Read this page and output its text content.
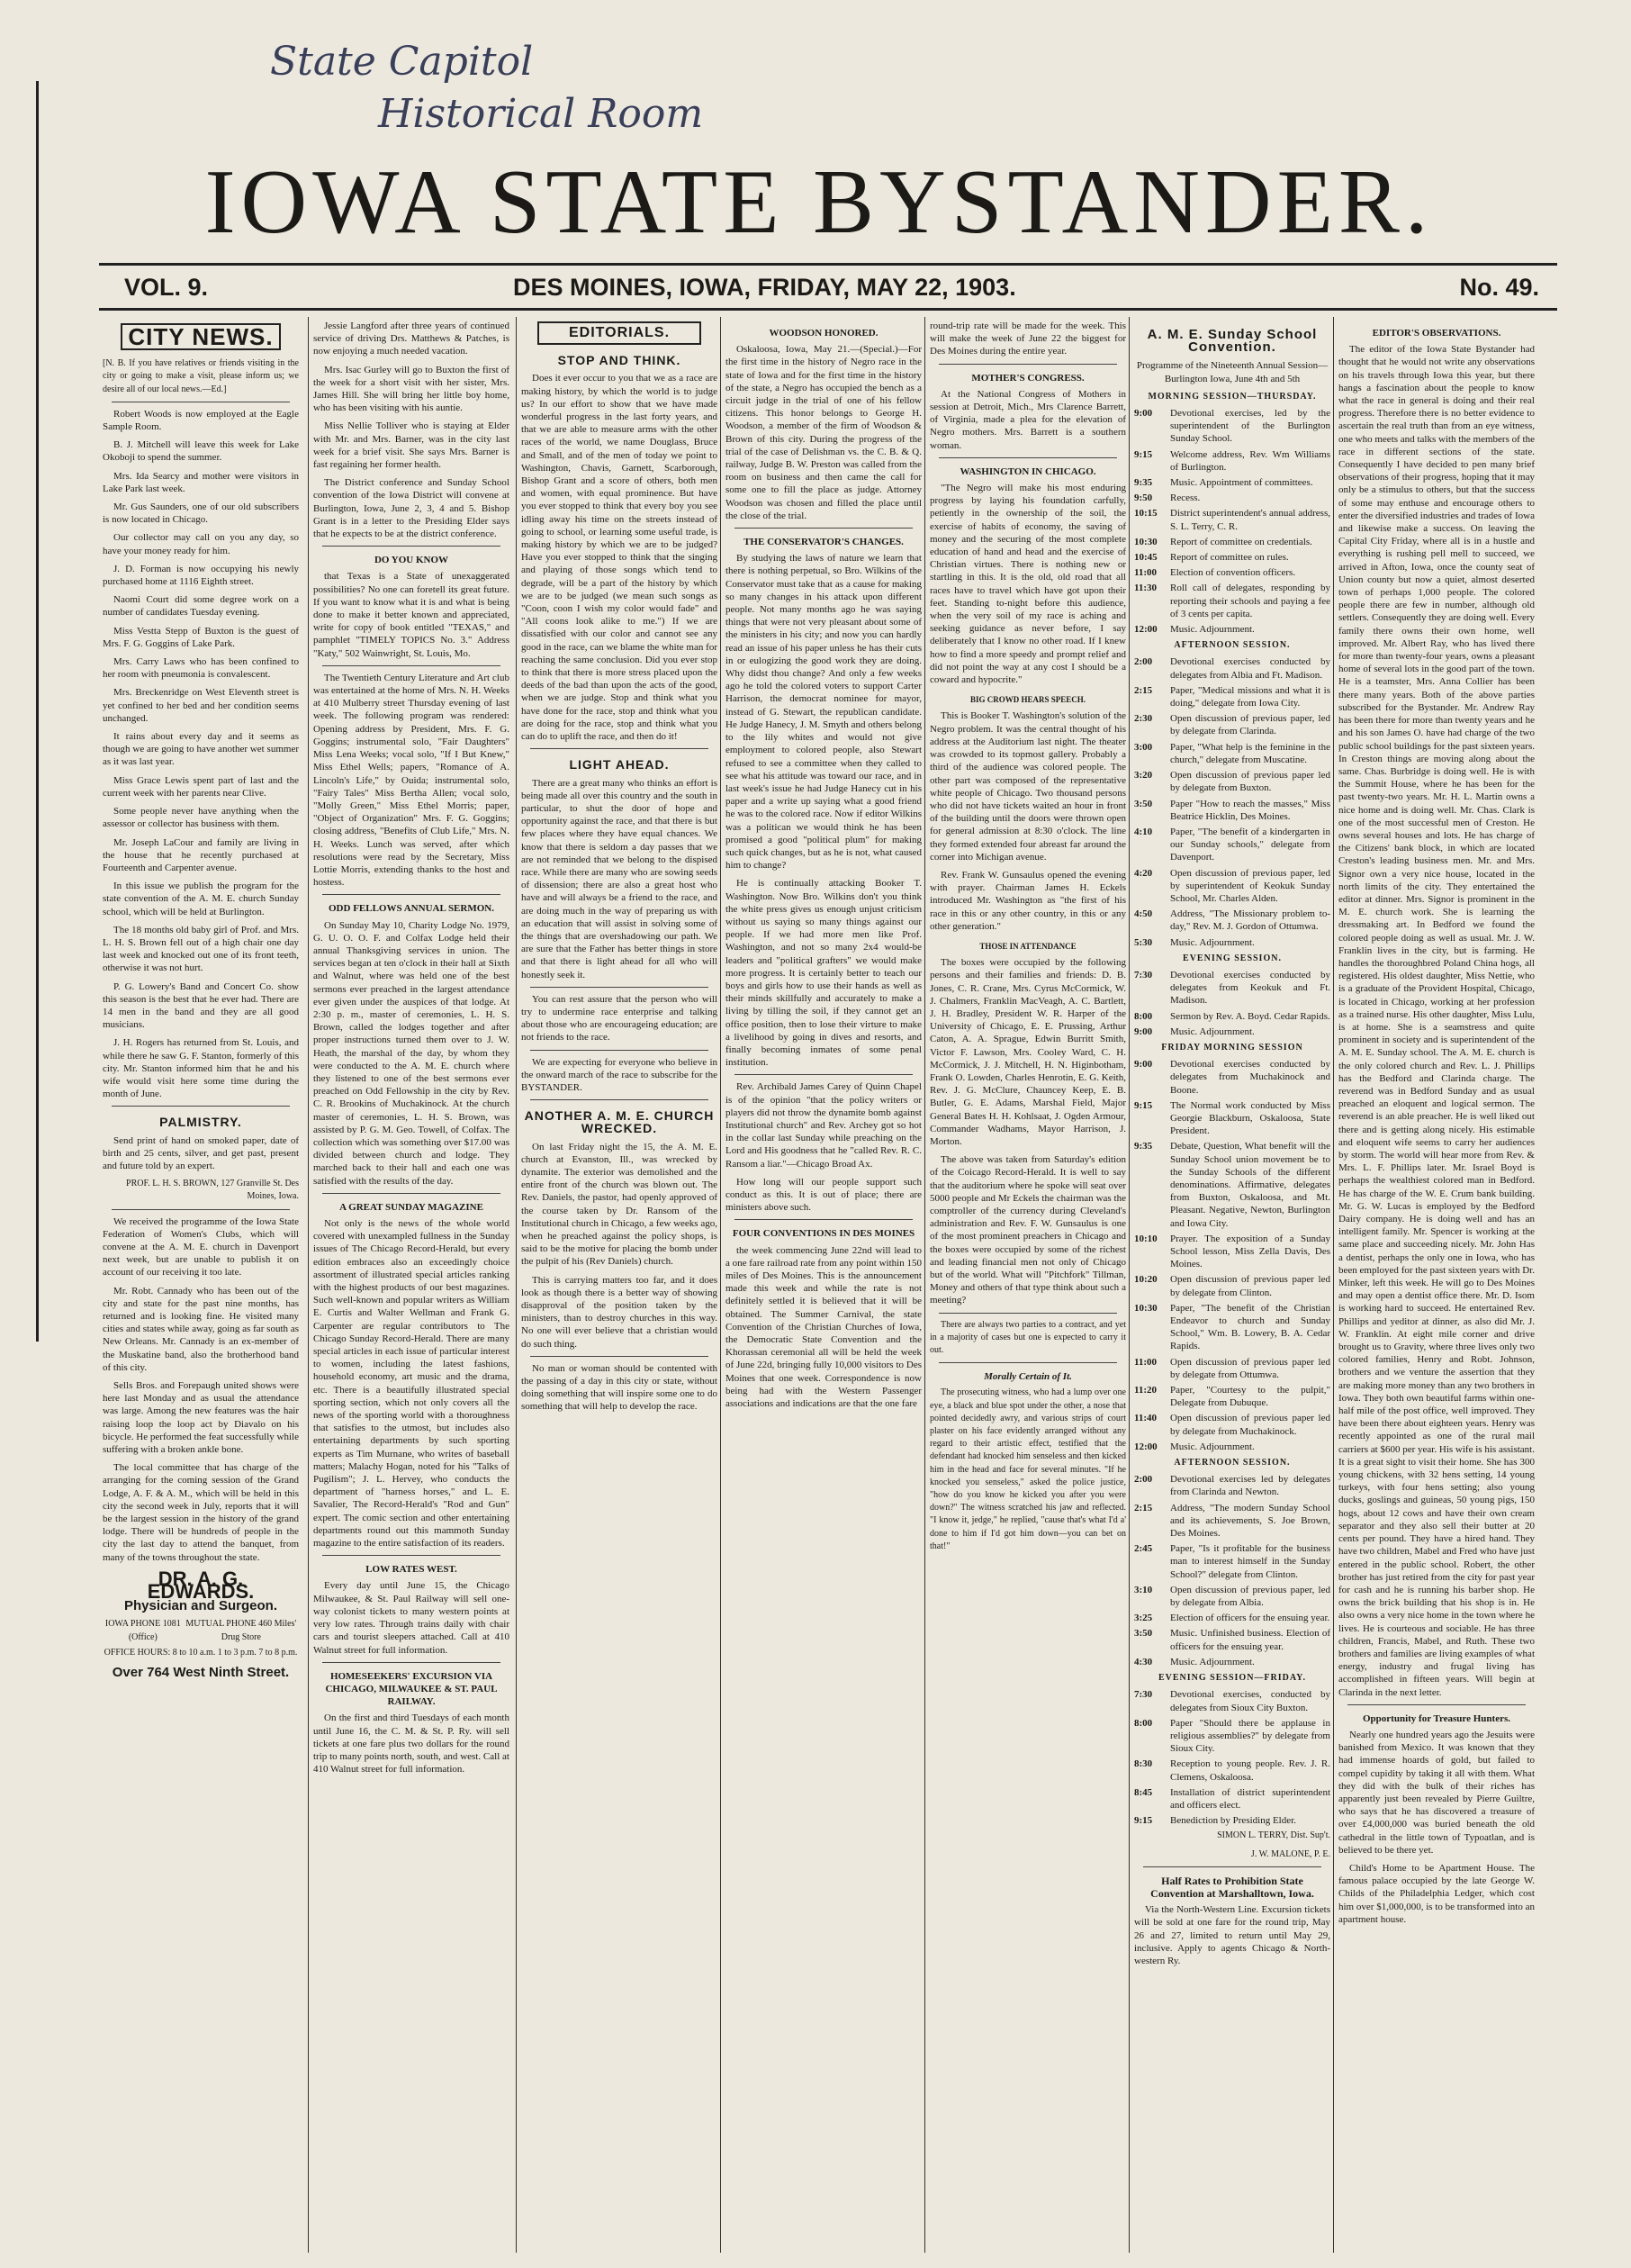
State Capitol
Historical Room
IOWA STATE BYSTANDER.
VOL. 9.	DES MOINES, IOWA, FRIDAY, MAY 22, 1903.	No. 49.
CITY NEWS.

[N. B. If you have relatives or friends visiting in the city or going to make a visit, please inform us; we desire all of our local news.—Ed.]

Robert Woods is now employed at the Eagle Sample Room.

B. J. Mitchell will leave this week for Lake Okoboji to spend the summer.

Mrs. Ida Searcy and mother were visitors in Lake Park last week.

Mr. Gus Saunders, one of our old subscribers is now located in Chicago.

Our collector may call on you any day, so have your money ready for him.

J. D. Forman is now occupying his newly purchased home at 1116 Eighth street.

Naomi Court did some degree work on a number of candidates Tuesday evening.

Miss Vestta Stepp of Buxton is the guest of Mrs. F. G. Goggins of Lake Park.

Mrs. Carry Laws who has been confined to her room with pneumonia is convalescent.

Mrs. Breckenridge on West Eleventh street is yet confined to her bed and her condition seems unchanged.

It rains about every day and it seems as though we are going to have another wet summer as it was last year.

Miss Grace Lewis spent part of last and the current week with her parents near Clive.

Some people never have anything when the assessor or collector has business with them.

Mr. Joseph LaCour and family are living in the house that he recently purchased at Fourteenth and Carpenter avenue.

In this issue we publish the program for the state convention of the A. M. E. church Sunday school, which will be held at Burlington.

The 18 months old baby girl of Prof. and Mrs. L. H. S. Brown fell out of a high chair one day last week and knocked out one of its front teeth, otherwise it was not hurt.

P. G. Lowery's Band and Concert Co. show this season is the best that he ever had. There are 14 men in the band and they are all good musicians.

J. H. Rogers has returned from St. Louis, and while there he saw G. F. Stanton, formerly of this city. Mr. Stanton informed him that he and his wife would visit here some time during the month of June.

PALMISTRY.

Send print of hand on smoked paper, date of birth and 25 cents, silver, and get past, present and future told by an expert.

PROF. L. H. S. BROWN, 127 Granville St. Des Moines, Iowa.

We received the programme of the Iowa State Federation of Women's Clubs, which will convene at the A. M. E. church in Davenport next week, but are unable to publish it on account of our receiving it too late.

Mr. Robt. Cannady who has been out of the city and state for the past nine months, has returned and is looking fine. He visited many cities and states while away, going as far south as New Orleans. Mr. Cannady is an ex-member of the Muskatine band, also the brotherhood band of this city.

Sells Bros. and Forepaugh united shows were here last Monday and as usual the attendance was large. Among the new features was the hair raising loop the loop act by Diavalo on his bicycle. He performed the feat successfully while suffering with a broken ankle bone.

The local committee that has charge of the arranging for the coming session of the Grand Lodge, A. F. & A. M., which will be held in this city the second week in July, reports that it will be the largest session in the history of the grand lodge. There will be hundreds of people in the city the last day to attend the banquet, from many of the towns throughout the state.

DR. A. G. EDWARDS.
Physician and Surgeon.
IOWA PHONE 1081 (Office)
MUTUAL PHONE 460 Miles' Drug Store
OFFICE HOURS: 8 to 10 a.m. 1 to 3 p.m. 7 to 8 p.m.
Over 764 West Ninth Street.

Jessie Langford after three years of continued service of driving Drs. Matthews & Patches, is now enjoying a much needed vacation.

Mrs. Isac Gurley will go to Buxton the first of the week for a short visit with her sister, Mrs. James Hill. She will bring her little boy home, who has been visiting with his auntie.

Miss Nellie Tolliver who is staying at Elder with Mr. and Mrs. Barner, was in the city last week for a brief visit. She says Mrs. Barner is fast regaining her former health.

The District conference and Sunday School convention of the Iowa District will convene at Burlington, Iowa, June 2, 3, 4 and 5. Bishop Grant is in a letter to the Presiding Elder says that he expects to be at the district conference.

DO YOU KNOW

that Texas is a State of unexaggerated possibilities? No one can foretell its great future. If you want to know what it is and what is being done to make it better known and appreciated, write for copy of book entitled "TEXAS," and pamphlet "TIMELY TOPICS No. 3." Address "Katy," 502 Wainwright, St. Louis, Mo.

The Twentieth Century Literature and Art club was entertained at the home of Mrs. N. H. Weeks at 410 Mulberry street Thursday evening of last week. The following program was rendered: Opening address by President, Mrs. F. G. Goggins; instrumental solo, "Fair Daughters" Miss Lena Weeks; vocal solo, "If I But Knew," Miss Ethel Wells; papers, "Romance of A. Lincoln's Life," by Ouida; instrumental solo, "Fairy Tales" Miss Bertha Allen; vocal solo, "Molly Green," Miss Ethel Morris; paper, "Object of Organization" Mrs. F. G. Goggins; closing address, "Benefits of Club Life," Mrs. N. H. Weeks. Lunch was served, after which resolutions were read by the Secretary, Miss Lottie Morris, extending thanks to the host and hostess.

ODD FELLOWS ANNUAL SERMON.

On Sunday May 10, Charity Lodge No. 1979, G. U. O. O. F. and Colfax Lodge held their annual Thanksgiving services in union. The services began at ten o'clock in their hall at Sixth and Walnut, where was held one of the best sermons ever preached in the largest attendance ever given under the auspices of that lodge. At 2:30 p. m., master of ceremonies, L. H. S. Brown, called the lodges together and after proper instructions turned them over to J. W. Heath, the marshal of the day, by whom they were conducted to the A. M. E. church where they listened to one of the best sermons ever preached on Odd Fellowship in the city by Rev. C. R. Brookins of Muchakinock. At the church master of ceremonies, L. H. S. Brown, was assisted by P. G. M. Geo. Towell, of Colfax. The collection which was something over $17.00 was divided between church and lodge. They marched back to their hall and each one was satisfied with the results of the day.

A GREAT SUNDAY MAGAZINE

Not only is the news of the whole world covered with unexampled fullness in the Sunday issues of The Chicago Record-Herald, but every edition embraces also an exceedingly choice assortment of illustrated special articles ranking with the highest products of our best magazines. Such well-known and popular writers as William E. Curtis and Walter Wellman and Frank G. Carpenter are regular contributors to The Chicago Sunday Record-Herald. There are many special articles in each issue of particular interest to women, including the latest fashions, household economy, art music and the drama, etc. There is a beautifully illustrated special sporting section, which not only covers all the news of the sporting world with a thoroughness that satisfies to the utmost, but includes also entertaining departments by such sporting experts as Tim Murnane, who writes of baseball matters; Malachy Hogan, noted for his "Talks of Pugilism"; J. L. Hervey, who conducts the department of "harness horses," and L. E. Savalier, The Record-Herald's "Rod and Gun" expert. The comic section and other entertaining departments round out this mammoth Sunday magazine to the entire satisfaction of its readers.

LOW RATES WEST.

Every day until June 15, the Chicago Milwaukee, & St. Paul Railway will sell one-way colonist tickets to many western points at very low rates. Through trains daily with chair cars and tourist sleepers attached. Call at 410 Walnut street for full information.

HOMESEEKERS' EXCURSION VIA CHICAGO, MILWAUKEE & ST. PAUL RAILWAY.

On the first and third Tuesdays of each month until June 16, the C. M. & St. P. Ry. will sell tickets at one fare plus two dollars for the round trip to many points north, south, and west. Call at 410 Walnut street for full information.

EDITORIALS.
STOP AND THINK.

Does it ever occur to you that we as a race are making history, by which the world is to judge us? In our effort to show that we have made wonderful progress in the last forty years, and that we are able to measure arms with the other races of the world, we name Douglass, Bruce and Small, and of the men of today we point to Washington, Chavis, Garnett, Scarborough, Bishop Grant and a score of others, both men and women, with equal prominence. But have you ever stopped to think that every boy you see idling away his time on the streets instead of going to school, or learning some useful trade, is making history by which we are to be judged? Have you ever stopped to think that the singing and playing of those songs which tend to degrade, will be a part of the history by which we are to be judged (we mean such songs as "Coon, coon I wish my color would fade" and "All coons look alike to me.") If we are dissatisfied with our color and cannot see any good in the race, can we blame the white man for reaching the same conclusion. Did you ever stop to think that there is more stress placed upon the deeds of the bad than upon the acts of the good, when we are judge. Stop and think what you have done for the race, stop and think what you are doing for the race, stop and think what you can do to uplift the race, and then do it!

LIGHT AHEAD.

There are a great many who thinks an effort is being made all over this country and the south in particular, to shut the door of hope and opportunity against the race, and that there is but few places where they have equal chances. We know that there is seldom a day passes that we are not reminded that we belong to the dispised race. While there are many who are sowing seeds of dissension; there are also a great host who have and will always be a friend to the race, and are doing much in the way of preparing us with an education that will assist in solving some of the things that are overshadowing our path. We are sure that the Father has better things in store and that there is light ahead for all who will honestly seek it.

You can rest assure that the person who will try to undermine race enterprise and talking about those who are encourageing education; are not friends to the race.

We are expecting for everyone who believe in the onward march of the race to subscribe for the BYSTANDER.

ANOTHER A. M. E. CHURCH WRECKED.

On last Friday night the 15, the A. M. E. church at Evanston, Ill., was wrecked by dynamite. The exterior was demolished and the entire front of the church was blown out. The Rev. Daniels, the pastor, had openly approved of the course taken by Dr. Ransom of the Institutional church in Chicago, a few weeks ago, when he preached against the policy shops, is said to be the motive for placing the bomb under the pulpit of his (Rev Daniels) church.

This is carrying matters too far, and it does look as though there is a better way of showing disapproval of the position taken by the ministers, than to destroy churches in this way. No one will ever believe that a christian would do such thing.

No man or woman should be contented with the passing of a day in this city or state, without doing something that will inspire some one to do something that will help to develop the race.

WOODSON HONORED.

Oskaloosa, Iowa, May 21.—(Special.)—For the first time in the history of Negro race in the state of Iowa and for the first time in the history of the state, a Negro has occupied the bench as a circuit judge in the trial of one of his fellow citizens. This honor belongs to George H. Woodson, a member of the firm of Woodson & Brown of this city. During the progress of the trial of the case of Delishman vs. the C. B. & Q. railway, Judge B. W. Preston was called from the room on business and then came the call for some one to fill the place as judge. Attorney Woodson was chosen and filled the place until the close of the trial.

THE CONSERVATOR'S CHANGES.

By studying the laws of nature we learn that there is nothing perpetual, so Bro. Wilkins of the Conservator must take that as a cause for making so many changes in his attack upon different people. Not many months ago he was saying things that were not very pleasant about some of the ministers in his city; and now you can hardly read an issue of his paper unless he has their cuts in or eulogizing the good work they are doing. Why didst thou change? And only a few weeks ago he told the colored voters to support Carter Harrison, the democrat nominee for mayor, instead of G. Stewart, the republican candidate. He Judge Hanecy, J. M. Smyth and others belong to the lily whites and would not give employment to colored people, also Stewart refused to see a committee when they called to see what his attitude was toward our race, and in last week's issue he had Judge Hanecy cut in his paper and a write up saying what a good friend he was to the colored race. Now if editor Wilkins was a politican we would think he has been promised a good "political plum" for making such quick changes, but as he is not, what caused him to change?

He is continually attacking Booker T. Washington. Now Bro. Wilkins don't you think the white press gives us enough unjust criticism without us saying so many things against our people. If we had more men like Prof. Washington, and not so many 2x4 would-be leaders and "political grafters" we would make more progress. It is certainly better to teach our boys and girls how to use their hands as well as their minds skillfully and accurately to make a living by tilling the soil, if they cannot get an office position, then to lose their virture to make a livelihood by going in dives and resorts, and finally becoming inmates of some penal institution.

Rev. Archibald James Carey of Quinn Chapel is of the opinion "that the policy writers or players did not throw the dynamite bomb against Institutional church" and Rev. Archey got so hot in the collar last Sunday while preaching on the Lord and His goodness that he "called Rev. R. C. Ransom a liar."—Chicago Broad Ax.

How long will our people support such conduct as this. It is out of place; there are ministers above such.

FOUR CONVENTIONS IN DES MOINES

the week commencing June 22nd will lead to a one fare railroad rate from any point within 150 miles of Des Moines. This is the announcement made this week and while the rate is not definitely settled it is believed that it will be obtained. The Summer Carnival, the state Convention of the Christian Churches of Iowa, the Democratic State Convention and the Khorassan ceremonial all will be held the week of June 22d, bringing fully 10,000 visitors to Des Moines that one week. Correspondence is now being had with the Western Passenger associations and indications are that the one fare

round-trip rate will be made for the week. This will make the week of June 22 the biggest for Des Moines during the entire year.

MOTHER'S CONGRESS.

At the National Congress of Mothers in session at Detroit, Mich., Mrs Clarence Barrett, of Virginia, made a plea for the elevation of Negro mothers. Mrs. Barrett is a southern woman.

WASHINGTON IN CHICAGO.

"The Negro will make his most enduring progress by laying his foundation carfully, petiently in the ownership of the soil, the exercise of habits of economy, the saving of money and the securing of the most complete education of hand and head and the exercise of Christian virtues. There is nothing new or startling in this. It is the old, old road that all races have to travel which have got upon their feet. Standing to-night before this audience, when the very soil of my race is aching and seeking guidance as never before, I say deliberately that I know no other road. If I knew how to find a more speedy and prompt relief and did not point the way at any cost I should be a coward and hypocrite."

BIG CROWD HEARS SPEECH.

This is Booker T. Washington's solution of the Negro problem. It was the central thought of his address at the Auditorium last night. The theater was crowded to its topmost gallery. Probably a third of the audience was colored people. The other part was composed of the representative white people of Chicago. Two thousand persons who did not have tickets waited an hour in front of the building until the doors were thrown open for general admission at 8:30 o'clock. The line they formed extended four abreast far around the corner into Michigan avenue.

Rev. Frank W. Gunsaulus opened the evening with prayer. Chairman James H. Eckels introduced Mr. Washington as "the first of his race in this or any other country, in this or any other generation."

THOSE IN ATTENDANCE

The boxes were occupied by the following persons and their families and friends: D. B. Jones, C. R. Crane, Mrs. Cyrus McCormick, W. J. Chalmers, Franklin MacVeagh, A. C. Bartlett, J. H. Bradley, President W. R. Harper of the University of Chicago, E. E. Prussing, Arthur Caton, A. A. Sprague, Edwin Burritt Smith, Victor F. Lawson, Mrs. Cooley Ward, C. H. McCormick, J. J. Mitchell, H. N. Higinbotham, Frank O. Lowden, Charles Henrotin, E. G. Keith, Rev. J. G. McClure, Chauncey Keep, E. B. Butler, G. E. Adams, Marshal Field, Major General Bates H. H. Kohlsaat, J. Ogden Armour, Commander Wadhams, Mayor Harrison, J. Morton.

The above was taken from Saturday's edition of the Coicago Record-Herald. It is well to say that the auditorium where he spoke will seat over 5000 people and Mr Eckels the chairman was the comptroller of the currency during Cleveland's administration and Rev. F. W. Gunsaulus is one of the most prominent preachers in Chicago and the boxes were occupied by some of the richest and leading financial men not only of Chicago but of the world. What will "Pitchfork" Tillman, Money and others of that type think about such a meeting?

There are always two parties to a contract, and yet in a majority of cases but one is expected to carry it out.

Morally Certain of It.

The prosecuting witness, who had a lump over one eye, a black and blue spot under the other, a nose that pointed decidedly awry, and various strips of court plaster on his face evidently arranged without any regard to their artistic effect, testified that the defendant had knocked him senseless and then kicked him in the head and face for several minutes. "If he knocked you senseless," asked the police justice, "how do you know he kicked you after you were down?" The witness scratched his jaw and reflected. "I know it, jedge," he replied, "cause that's what I'd a' done to him if I'd got him down—you can bet on that!"

A. M. E. Sunday School Convention.

Programme of the Nineteenth Annual Session—Burlington Iowa, June 4th and 5th

MORNING SESSION—THURSDAY.
9:00	Devotional exercises, led by the superintendent of the Burlington Sunday School.
9:15	Welcome address, Rev. Wm Williams of Burlington.
9:35	Music. Appointment of committees.
9:50	Recess.
10:15	District superintendent's annual address, S. L. Terry, C. R.
10:30	Report of committee on credentials.
10:45	Report of committee on rules.
11:00	Election of convention officers.
11:30	Roll call of delegates, responding by reporting their schools and paying a fee of 3 cents per capita.
12:00	Music. Adjournment.
AFTERNOON SESSION.
2:00	Devotional exercises conducted by delegates from Albia and Ft. Madison.
2:15	Paper, "Medical missions and what it is doing," delegate from Iowa City.
2:30	Open discussion of previous paper, led by delegate from Clarinda.
3:00	Paper, "What help is the feminine in the church," delegate from Muscatine.
3:20	Open discussion of previous paper led by delegate from Buxton.
3:50	Paper "How to reach the masses," Miss Beatrice Hicklin, Des Moines.
4:10	Paper, "The benefit of a kindergarten in our Sunday schools," delegate from Davenport.
4:20	Open discussion of previous paper, led by superintendent of Keokuk Sunday School, Mr. Charles Alden.
4:50	Address, "The Missionary problem to-day," Rev. M. J. Gordon of Ottumwa.
5:30	Music. Adjournment.
EVENING SESSION.
7:30	Devotional exercises conducted by delegates from Keokuk and Ft. Madison.
8:00	Sermon by Rev. A. Boyd. Cedar Rapids.
9:00	Music. Adjournment.
FRIDAY MORNING SESSION
9:00	Devotional exercises conducted by delegates from Muchakinock and Boone.
9:15	The Normal work conducted by Miss Georgie Blackburn, Oskaloosa, State President.
9:35	Debate, Question, What benefit will the Sunday School union movement be to the Sunday Schools of the different denominations. Affirmative, delegates from Buxton, Oskaloosa, and Mt. Pleasant. Negative, Newton, Burlington and Iowa City.
10:10	Prayer. The exposition of a Sunday School lesson, Miss Zella Davis, Des Moines.
10:20	Open discussion of previous paper led by delegate from Clinton.
10:30	Paper, "The benefit of the Christian Endeavor to church and Sunday School," Wm. B. Lowery, B. A. Cedar Rapids.
11:00	Open discussion of previous paper led by delegate from Ottumwa.
11:20	Paper, "Courtesy to the pulpit," Delegate from Dubuque.
11:40	Open discussion of previous paper led by delegate from Muchakinock.
12:00	Music. Adjournment.
AFTERNOON SESSION.
2:00	Devotional exercises led by delegates from Clarinda and Newton.
2:15	Address, "The modern Sunday School and its achievements, S. Joe Brown, Des Moines.
2:45	Paper, "Is it profitable for the business man to interest himself in the Sunday School?" delegate from Clinton.
3:10	Open discussion of previous paper, led by delegate from Albia.
3:25	Election of officers for the ensuing year.
3:50	Music. Unfinished business. Election of officers for the ensuing year.
4:30	Music. Adjournment.
EVENING SESSION—FRIDAY.
7:30	Devotional exercises, conducted by delegates from Sioux City Buxton.
8:00	Paper "Should there be applause in religious assemblies?" by delegate from Sioux City.
8:30	Reception to young people. Rev. J. R. Clemens, Oskaloosa.
8:45	Installation of district superintendent and officers elect.
9:15	Benediction by Presiding Elder.

SIMON L. TERRY, Dist. Sup't.

J. W. MALONE, P. E.

Half Rates to Prohibition State Convention at Marshalltown, Iowa.

Via the North-Western Line. Excursion tickets will be sold at one fare for the round trip, May 26 and 27, limited to return until May 29, inclusive. Apply to agents Chicago & North-western Ry.

EDITOR'S OBSERVATIONS.

The editor of the Iowa State Bystander had thought that he would not write any observations on his travels through Iowa this year, but there hangs a fascination about the people to know what the race in general is doing and their real progress. Therefore there is no better evidence to ascertain the real truth than from an eye witness, one who meets and talks with the members of the race in different sections of the state. Consequently I have decided to pen many brief observations of their progress, hoping that it may only be a stimulus to others, but that the success of some may enthuse and encourage others to enter the diversified industries and trades of Iowa and likewise make a success. On leaving the Capital City Friday, where all is in a hustle and everything is rushing pell mell to succeed, we arrived in Afton, Iowa, once the county seat of Union county but now a quiet, almost deserted town of perhaps 1,000 people. The colored people there are few in number, although old settlers. Consequently they are doing well. Every family there owns their own home, well improved. Mr. Albert Ray, who has lived there for more than twenty-four years, owns a pleasant home of several lots in the good part of the town. He is a teamster, Mrs. Anna Collier has been there many years. Both of the above parties subscribed for the Bystander. Mr. Andrew Ray has been there for more than twenty years and he and his son James O. have had charge of the two public school buildings for the past sixteen years. In Creston things are moving along about the same. Chas. Burbridge is doing well. He is with the Summit House, where he has been for the past twenty-two years. Mr. H. L. Martin owns a nice home and is doing well. Mr. Chas. Clark is one of the most successful men of Creston. He owns several houses and lots. He has charge of the Citizens' bank block, in which are located Creston's leading business men. Mr. and Mrs. Signor own a very nice house, located in the north limits of the city. They entertained the editor at dinner. Mrs. Signor is prominent in the M. E. church work. She is learning the dressmaking art. In Bedford we found the colored people doing as well as usual. Mr. J. W. Franklin lives in the city, but is farming. He handles the thoroughbred Poland China hogs, all registered. His oldest daughter, Miss Nettie, who is a graduate of the Provident Hospital, Chicago, is located in Chicago, working at her profession as a trained nurse. His other daughter, Miss Lulu, is at home. She is a seamstress and quite prominent in society and is superintendent of the A. M. E. Sunday school. The A. M. E. church is the only colored church and Rev. L. J. Phillips has the Bedford and Clarinda charge. The reverend was in Bedford Sunday and as usual preached an eloquent and logical sermon. The reverend is an able preacher. He is well liked out there and is getting along nicely. His estimable and eloquent wife seems to carry her audiences by storm. The world will hear more from Rev. & Mrs. L. F. Phillips later. Mr. Israel Boyd is perhaps the wealthiest colored man in Bedford. He has charge of the W. E. Crum bank building. Mr. G. W. Lucas is employed by the Bedford Dairy company. He is doing well and has an intelligent family. Mr. Spencer is working at the same place and succeeding nicely. Mr. John Has a dentist, perhaps the only one in Iowa, who has been employed for the past sixteen years with Dr. Minker, left this week. He will go to Des Moines and may open a dentist office there. Mr. D. Isom is working hard to succeed. He entertained Rev. Phillips and yeditor at dinner, as also did Mr. J. W. Franklin. At eight mile corner and drive brought us to Gravity, where three lives only two colored families, Henry and Robt. Johnson, brothers and we venture the assertion that they are making more money than any two brothers in Iowa. They both own beautiful farms within one-half mile of the post office, well improved. They have been there about eighteen years. Henry was recently appointed as one of the rural mail carriers at $600 per year. His wife is his assistant. It is a great sight to visit their home. She has 300 young chickens, with 32 hens setting, 14 young turkeys, with four hens setting; also young ducks, goslings and guineas, 50 young pigs, 150 hogs, about 12 cows and have their own cream separator and they also sell their butter at 20 cents per pound. They have a hired hand. They have two children, Mabel and Fred who have just entered in the public school. Robert, the other brother has just retired from the city for past year for cash and he is running his barber shop. He owns the brick building that his shop is in. He also owns a very nice home in the town where he lives. He is courteous and sociable. He has three children, Francis, Mabel, and Ruth. These two brothers and families are living examples of what energy, industry and frugal living has accomplished in fifteen years. Will begin at Clarinda in the next letter.

Opportunity for Treasure Hunters.

Nearly one hundred years ago the Jesuits were banished from Mexico. It was known that they had immense hoards of gold, but failed to compel cupidity by taking it all with them. What they did with the bulk of their riches has apparently just been revealed by Pierre Guiltre, who says that he has discovered a treasure of over £4,000,000 was buried beneath the old cathedral in the little town of Typoatlan, and is believed to be there yet.

Child's Home to be Apartment House. The famous palace occupied by the late George W. Childs of the Philadelphia Ledger, which cost him over $1,000,000, is to be transformed into an apartment house.
